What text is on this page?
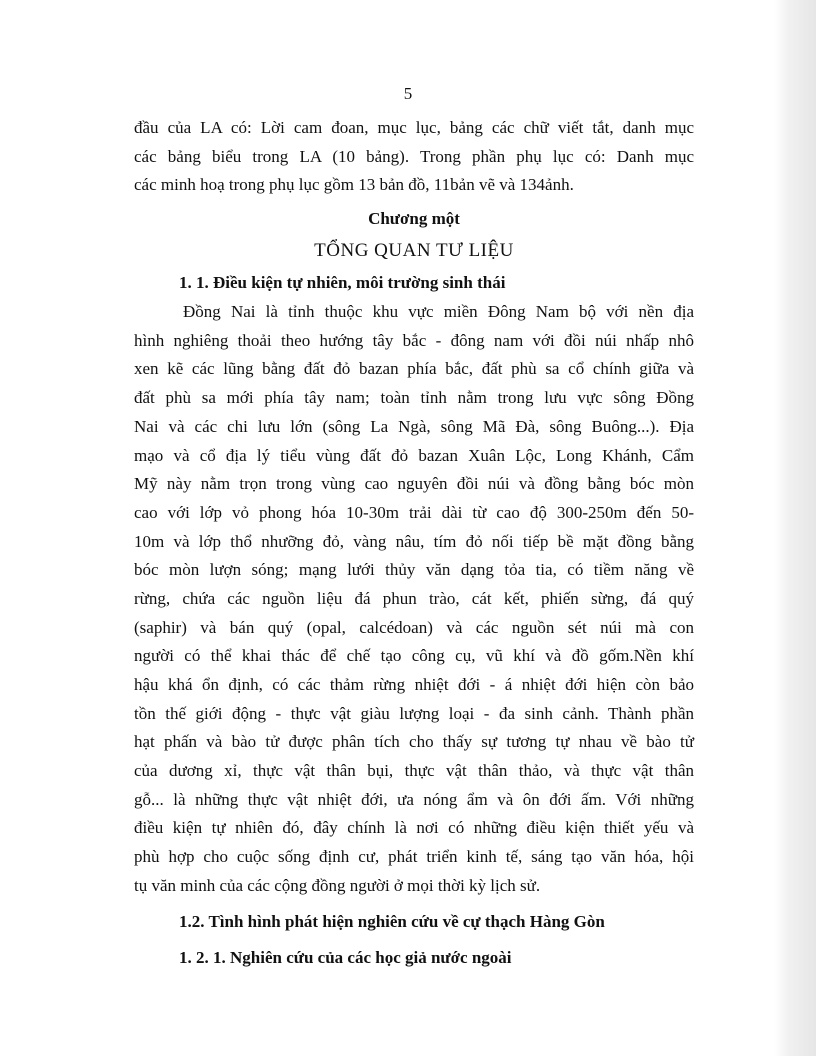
5
đầu của LA có: Lời cam đoan, mục lục, bảng các chữ viết tắt, danh mục
các bảng biểu trong LA (10 bảng). Trong phần phụ lục có: Danh mục
các minh hoạ trong phụ lục gồm 13 bản đồ, 11bản vẽ và 134ảnh.
Chương một
TỔNG QUAN TƯ LIỆU
1. 1. Điều kiện tự nhiên, môi trường sinh thái
Đồng Nai là tỉnh thuộc khu vực miền Đông Nam bộ với nền địa
hình nghiêng thoải theo hướng tây bắc - đông nam với đồi núi nhấp nhô
xen kẽ các lũng bằng đất đỏ bazan phía bắc, đất phù sa cổ chính giữa và
đất phù sa mới phía tây nam; toàn tỉnh nằm trong lưu vực sông Đồng
Nai và các chi lưu lớn (sông La Ngà, sông Mã Đà, sông Buông...). Địa
mạo và cổ địa lý tiểu vùng đất đỏ bazan Xuân Lộc, Long Khánh, Cẩm
Mỹ này nằm trọn trong vùng cao nguyên đồi núi và đồng bằng bóc mòn
cao với lớp vỏ phong hóa 10-30m trải dài từ cao độ 300-250m đến 50-
10m và lớp thổ nhưỡng đỏ, vàng nâu, tím đỏ nối tiếp bề mặt đồng bằng
bóc mòn lượn sóng; mạng lưới thủy văn dạng tỏa tia, có tiềm năng về
rừng, chứa các nguồn liệu đá phun trào, cát kết, phiến sừng, đá quý
(saphir) và bán quý (opal, calcédoan) và các nguồn sét núi mà con
người có thể khai thác để chế tạo công cụ, vũ khí và đồ gốm.Nền khí
hậu khá ổn định, có các thảm rừng nhiệt đới - á nhiệt đới hiện còn bảo
tồn thế giới động - thực vật giàu lượng loại - đa sinh cảnh. Thành phần
hạt phấn và bào tử được phân tích cho thấy sự tương tự nhau về bào tử
của dương xỉ, thực vật thân bụi, thực vật thân thảo, và thực vật thân
gỗ... là những thực vật nhiệt đới, ưa nóng ẩm và ôn đới ấm. Với những
điều kiện tự nhiên đó, đây chính là nơi có những điều kiện thiết yếu và
phù hợp cho cuộc sống định cư, phát triển kinh tế, sáng tạo văn hóa, hội
tụ văn minh của các cộng đồng người ở mọi thời kỳ lịch sử.
1.2. Tình hình phát hiện nghiên cứu về cự thạch Hàng Gòn
1. 2. 1. Nghiên cứu của các học giả nước ngoài
